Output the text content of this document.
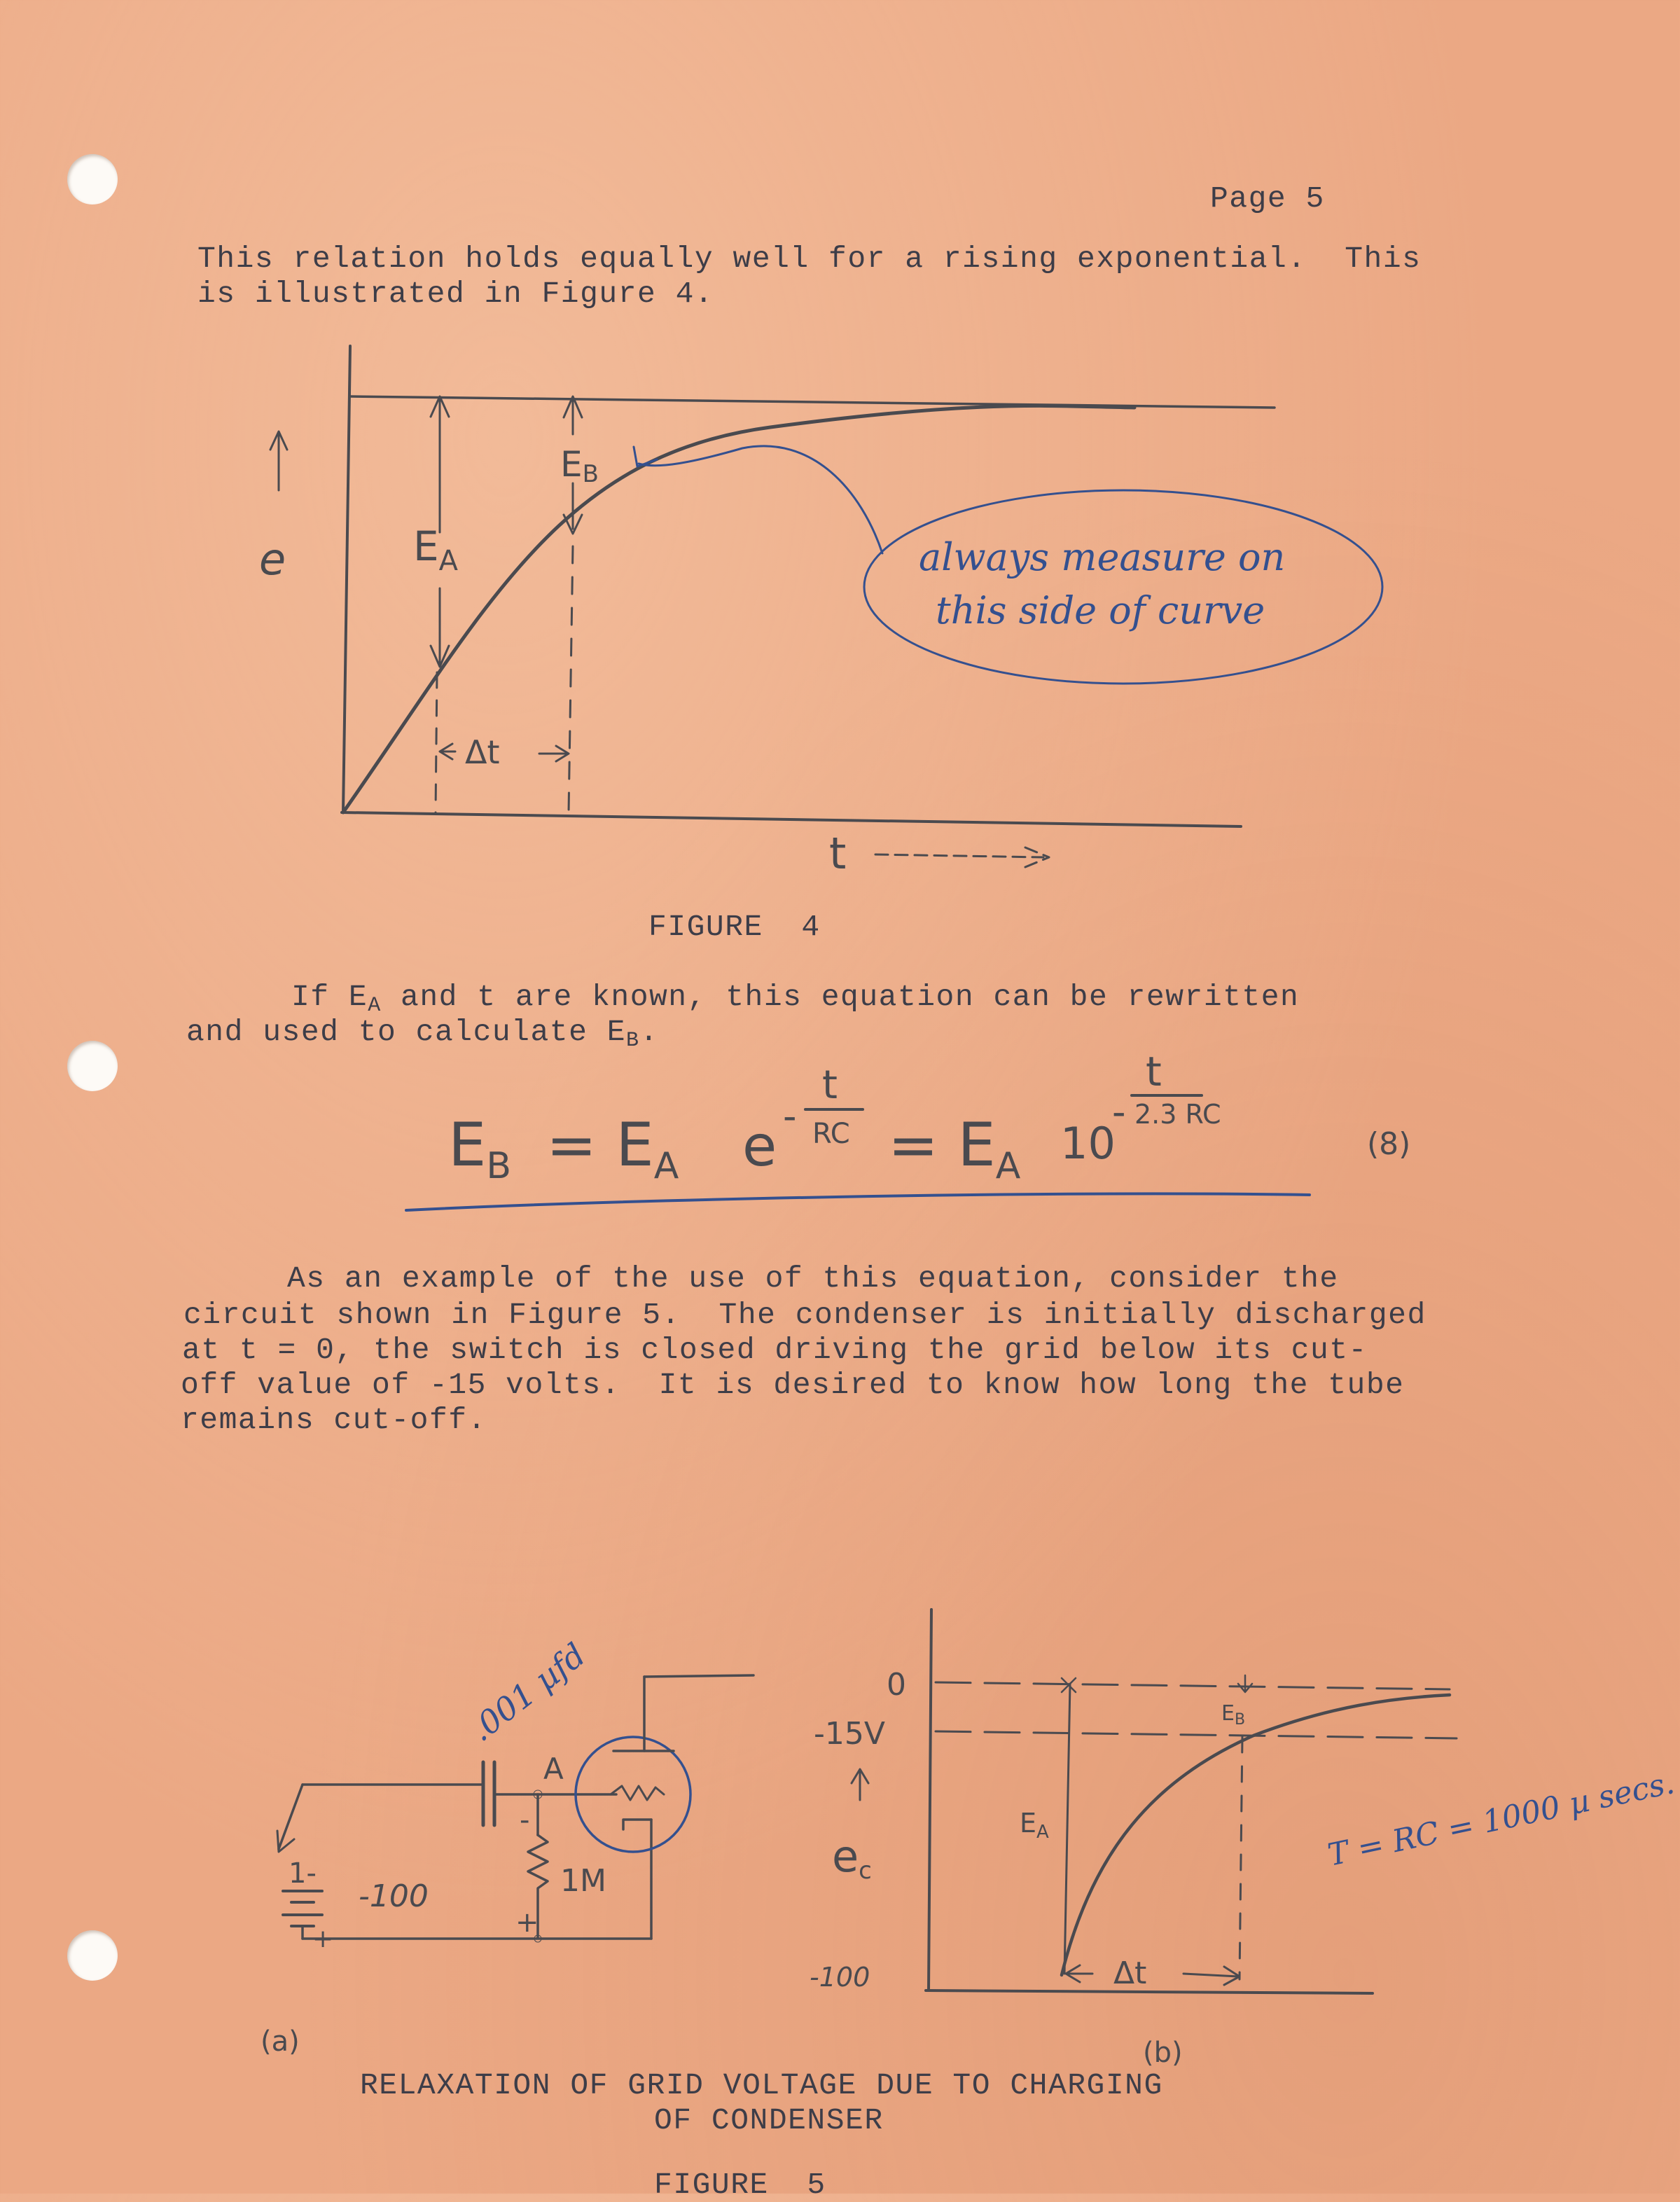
Page 5
This relation holds equally well for a rising exponential.  This
is illustrated in Figure 4.
e	$E_A$
EB
Δt
t
always measure on
this side of curve
FIGURE  4
If $E_A$ and t are known, this equation can be rewritten
and used to calculate $E_B$.
$E_B = E_A$ e -
t
RC = $E_A$ 10
-
t
2.3 RC
(8)
As an example of the use of this equation, consider the
circuit shown in Figure 5.  The condenser is initially discharged
at t = 0, the switch is closed driving the grid below its cut-
off value of -15 volts.  It is desired to know how long the tube
remains cut-off.
.001 µfd
A
-
+
1M
1-
+
-100
(a)
0
-15V
-100
ec
$E_A$
$E_B$
Δt
T = RC = 1000 µ secs.
(b)
RELAXATION OF GRID VOLTAGE DUE TO CHARGING
OF CONDENSER
FIGURE  5
